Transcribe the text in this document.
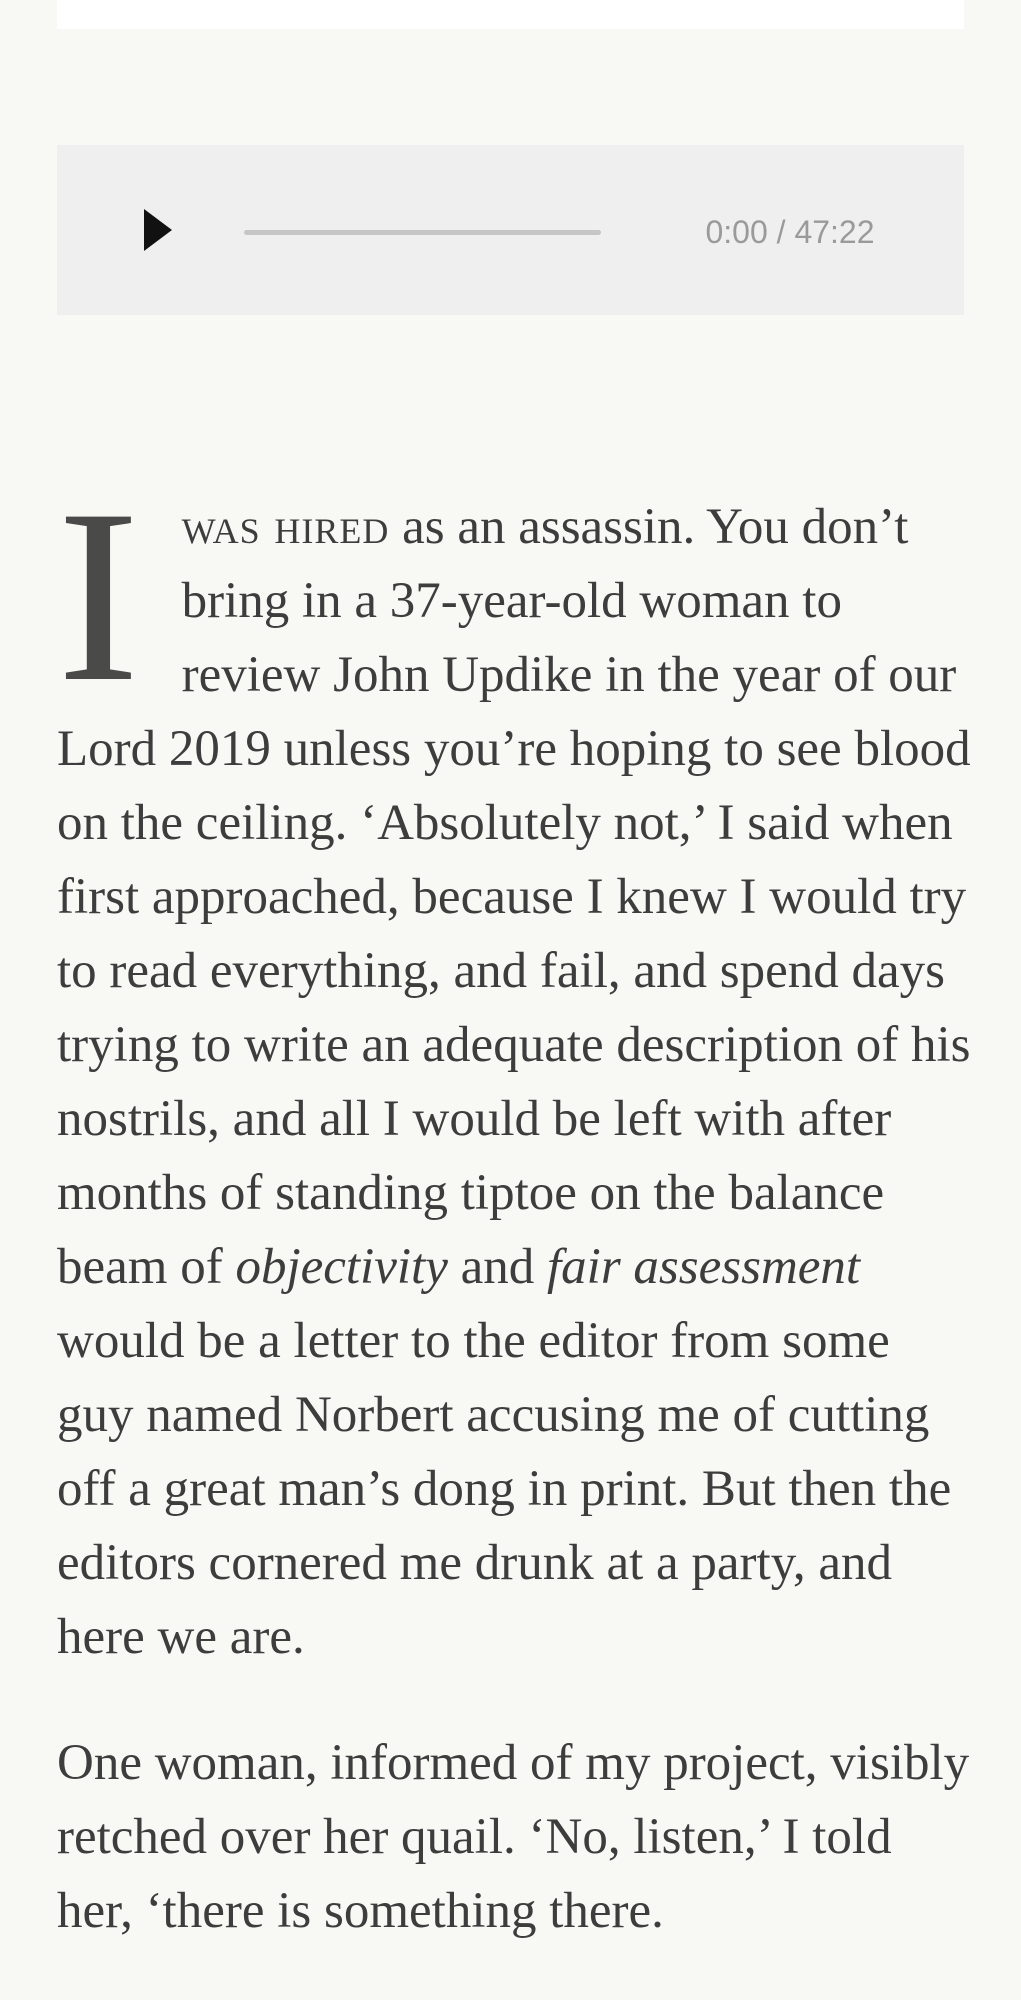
0:00 / 47:22

Iwas hired as an assassin. You don’t bring in a 37-year-old woman to review John Updike in the year of our Lord 2019 unless you’re hoping to see blood on the ceiling. ‘Absolutely not,’ I said when first approached, because I knew I would try to read everything, and fail, and spend days trying to write an adequate description of his nostrils, and all I would be left with after months of standing tiptoe on the balance beam of objectivity and fair assessment would be a letter to the editor from some guy named Norbert accusing me of cutting off a great man’s dong in print. But then the editors cornered me drunk at a party, and here we are.

One woman, informed of my project, visibly retched over her quail. ‘No, listen,’ I told her, ‘there is something there.
